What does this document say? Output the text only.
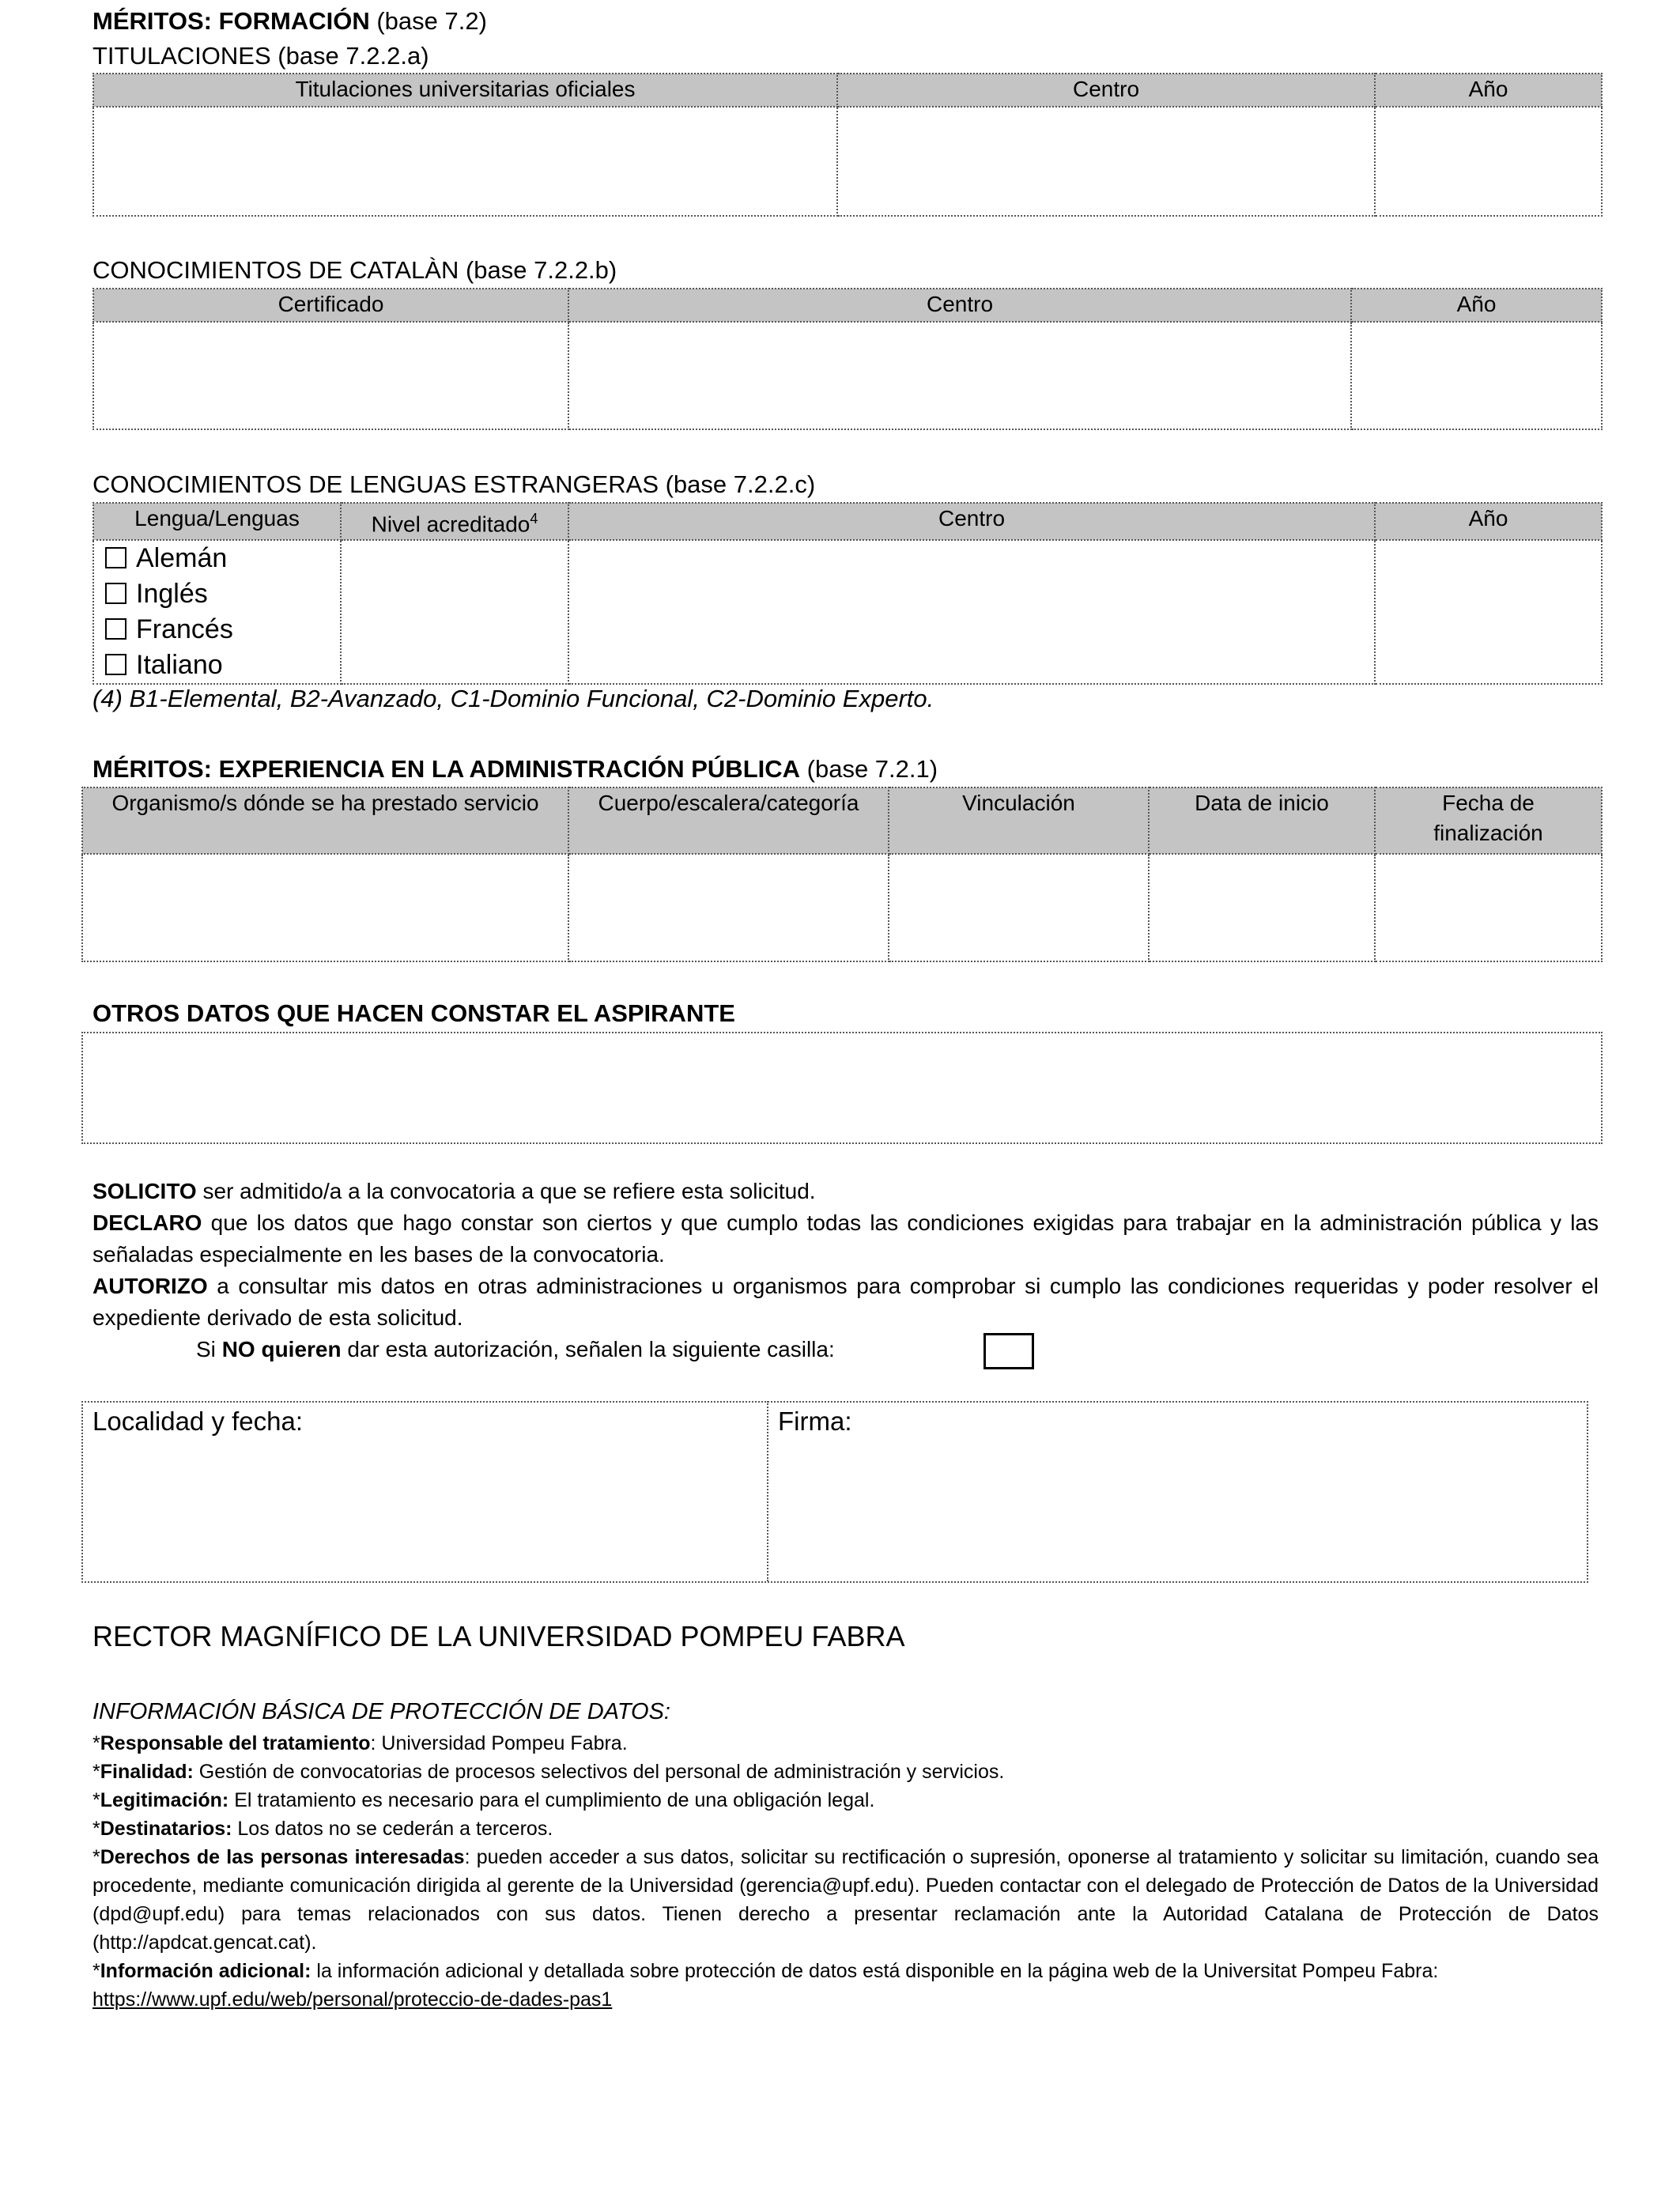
MÉRITOS: FORMACIÓN (base 7.2)
TITULACIONES (base 7.2.2.a)
Titulaciones universitarias oficiales	Centro	Año

CONOCIMIENTOS DE CATALÀN (base 7.2.2.b)
Certificado	Centro	Año

CONOCIMIENTOS DE LENGUAS ESTRANGERAS (base 7.2.2.c)
Lengua/Lenguas	Nivel acreditado$^4$	Centro	Año

Alemán
Inglés
Francés
Italiano			

(4) B1-Elemental, B2-Avanzado, C1-Dominio Funcional, C2-Dominio Experto.
MÉRITOS: EXPERIENCIA EN LA ADMINISTRACIÓN PÚBLICA (base 7.2.1)
Organismo/s dónde se ha prestado servicio	Cuerpo/escalera/categoría	Vinculación	Data de inicio	Fecha de finalización

OTROS DATOS QUE HACEN CONSTAR EL ASPIRANTE

SOLICITO ser admitido/a a la convocatoria a que se refiere esta solicitud.

DECLARO que los datos que hago constar son ciertos y que cumplo todas las condiciones exigidas para trabajar en la administración pública y las señaladas especialmente en les bases de la convocatoria.

AUTORIZO a consultar mis datos en otras administraciones u organismos para comprobar si cumplo las condiciones requeridas y poder resolver el expediente derivado de esta solicitud.

Si NO quieren dar esta autorización, señalen la siguiente casilla:
Localidad y fecha:	Firma:
RECTOR MAGNÍFICO DE LA UNIVERSIDAD POMPEU FABRA

INFORMACIÓN BÁSICA DE PROTECCIÓN DE DATOS:

*Responsable del tratamiento: Universidad Pompeu Fabra.

*Finalidad: Gestión de convocatorias de procesos selectivos del personal de administración y servicios.

*Legitimación: El tratamiento es necesario para el cumplimiento de una obligación legal.

*Destinatarios: Los datos no se cederán a terceros.

*Derechos de las personas interesadas: pueden acceder a sus datos, solicitar su rectificación o supresión, oponerse al tratamiento y solicitar su limitación, cuando sea procedente, mediante comunicación dirigida al gerente de la Universidad (gerencia@upf.edu). Pueden contactar con el delegado de Protección de Datos de la Universidad (dpd@upf.edu) para temas relacionados con sus datos. Tienen derecho a presentar reclamación ante la Autoridad Catalana de Protección de Datos (http://apdcat.gencat.cat).

*Información adicional: la información adicional y detallada sobre protección de datos está disponible en la página web de la Universitat Pompeu Fabra:

https://www.upf.edu/web/personal/proteccio-de-dades-pas1
